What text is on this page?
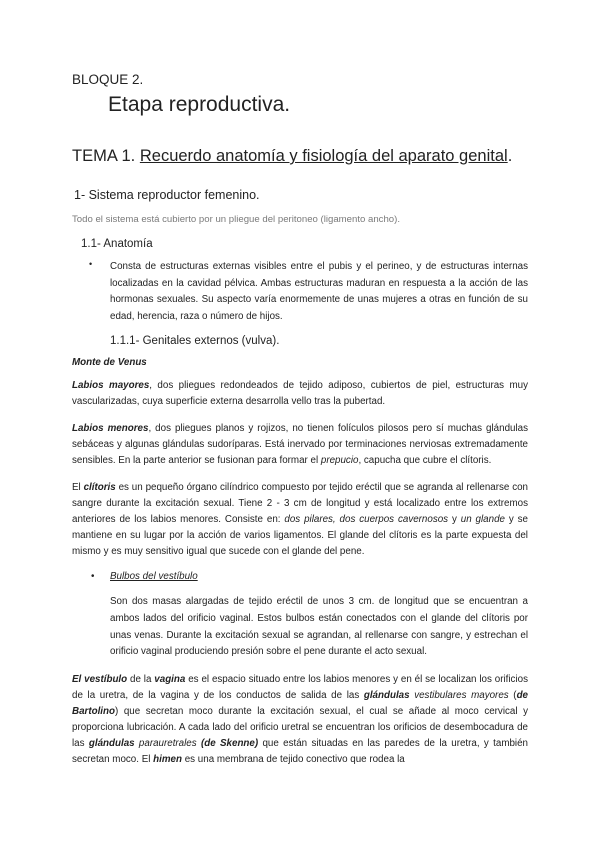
BLOQUE 2.
Etapa reproductiva.
TEMA 1. Recuerdo anatomía y fisiología del aparato genital.
1- Sistema reproductor femenino.
Todo el sistema está cubierto por un pliegue del peritoneo (ligamento ancho).
1.1- Anatomía
• Consta de estructuras externas visibles entre el pubis y el perineo, y de estructuras internas localizadas en la cavidad pélvica. Ambas estructuras maduran en respuesta a la acción de las hormonas sexuales. Su aspecto varía enormemente de unas mujeres a otras en función de su edad, herencia, raza o número de hijos.
1.1.1- Genitales externos (vulva).
Monte de Venus

Labios mayores, dos pliegues redondeados de tejido adiposo, cubiertos de piel, estructuras muy vascularizadas, cuya superficie externa desarrolla vello tras la pubertad.

Labios menores, dos pliegues planos y rojizos, no tienen folículos pilosos pero sí muchas glándulas sebáceas y algunas glándulas sudoríparas. Está inervado por terminaciones nerviosas extremadamente sensibles. En la parte anterior se fusionan para formar el prepucio, capucha que cubre el clítoris.

El clítoris es un pequeño órgano cilíndrico compuesto por tejido eréctil que se agranda al rellenarse con sangre durante la excitación sexual. Tiene 2 - 3 cm de longitud y está localizado entre los extremos anteriores de los labios menores. Consiste en: dos pilares, dos cuerpos cavernosos y un glande y se mantiene en su lugar por la acción de varios ligamentos. El glande del clítoris es la parte expuesta del mismo y es muy sensitivo igual que sucede con el glande del pene.

• Bulbos del vestíbulo
Son dos masas alargadas de tejido eréctil de unos 3 cm. de longitud que se encuentran a ambos lados del orificio vaginal. Estos bulbos están conectados con el glande del clítoris por unas venas. Durante la excitación sexual se agrandan, al rellenarse con sangre, y estrechan el orificio vaginal produciendo presión sobre el pene durante el acto sexual.

El vestíbulo de la vagina es el espacio situado entre los labios menores y en él se localizan los orificios de la uretra, de la vagina y de los conductos de salida de las glándulas vestibulares mayores (de Bartolino) que secretan moco durante la excitación sexual, el cual se añade al moco cervical y proporciona lubricación. A cada lado del orificio uretral se encuentran los orificios de desembocadura de las glándulas parauretrales (de Skenne) que están situadas en las paredes de la uretra, y también secretan moco. El himen es una membrana de tejido conectivo que rodea la
